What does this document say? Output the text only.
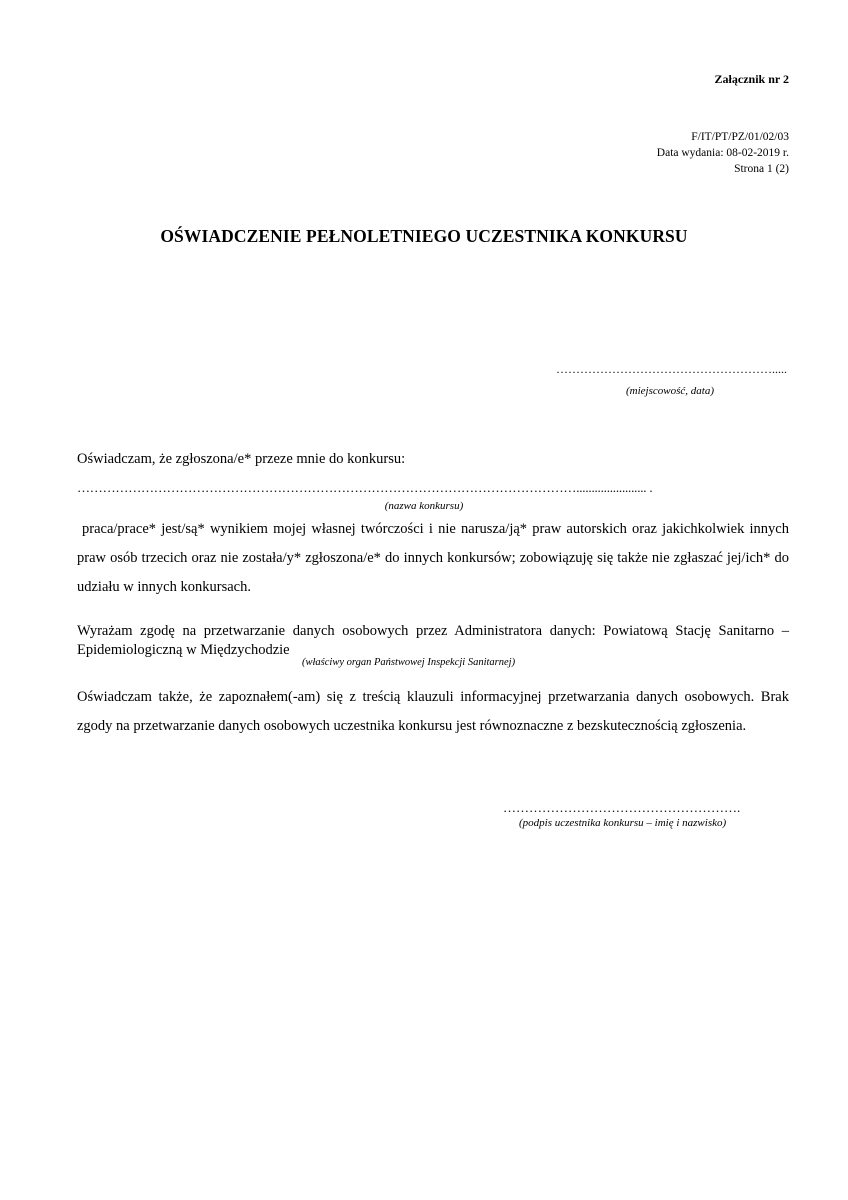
Załącznik nr 2
F/IT/PT/PZ/01/02/03
Data wydania: 08-02-2019 r.
Strona 1 (2)
OŚWIADCZENIE PEŁNOLETNIEGO UCZESTNIKA KONKURSU
……………………………………………….....
(miejscowość, data)
Oświadczam, że zgłoszona/e* przeze mnie do konkursu:
………………………………………………………………………………………………………....................... .
(nazwa konkursu)
praca/prace* jest/są* wynikiem mojej własnej twórczości i nie narusza/ją* praw autorskich oraz jakichkolwiek innych praw osób trzecich oraz nie została/y* zgłoszona/e* do innych konkursów; zobowiązuję się także nie zgłaszać jej/ich* do udziału w innych konkursach.
Wyrażam zgodę na przetwarzanie danych osobowych przez Administratora danych: Powiatową Stację Sanitarno – Epidemiologiczną w Międzychodzie
(właściwy organ Państwowej Inspekcji Sanitarnej)
Oświadczam także, że zapoznałem(-am) się z treścią klauzuli informacyjnej przetwarzania danych osobowych. Brak zgody na przetwarzanie danych osobowych uczestnika konkursu jest równoznaczne z bezskutecznością zgłoszenia.
……………………………………………….
(podpis uczestnika konkursu – imię i nazwisko)
